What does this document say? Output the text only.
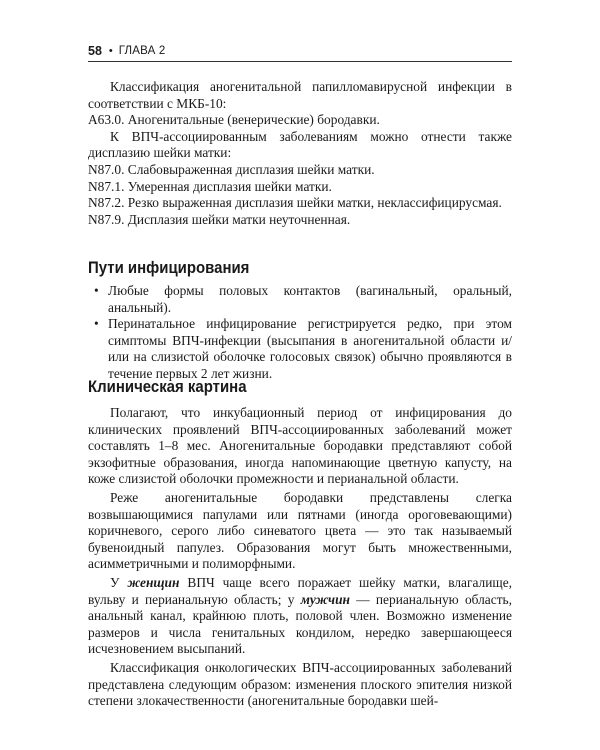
58 • ГЛАВА 2

Классификация аногенитальной папилломавирусной инфекции в соответствии с МКБ-10:

A63.0. Аногенитальные (венерические) бородавки.

К ВПЧ-ассоциированным заболеваниям можно отнести также дисплазию шейки матки:

N87.0. Слабовыраженная дисплазия шейки матки.

N87.1. Умеренная дисплазия шейки матки.

N87.2. Резко выраженная дисплазия шейки матки, неклассифицирусмая.

N87.9. Дисплазия шейки матки неуточненная.

Пути инфицирования
• Любые формы половых контактов (вагинальный, оральный, анальный).
• Перинатальное инфицирование регистрируется редко, при этом симптомы ВПЧ-инфекции (высыпания в аногенитальной области и/или на слизистой оболочке голосовых связок) обычно проявляются в течение первых 2 лет жизни.
Клиническая картина

Полагают, что инкубационный период от инфицирования до клинических проявлений ВПЧ-ассоциированных заболеваний может составлять 1–8 мес. Аногенитальные бородавки представляют собой экзофитные образования, иногда напоминающие цветную капусту, на коже слизистой оболочки промежности и перианальной области.

Реже аногенитальные бородавки представлены слегка возвышающимися папулами или пятнами (иногда ороговевающими) коричневого, серого либо синеватого цвета — это так называемый бувеноидный папулез. Образования могут быть множественными, асимметричными и полиморфными.

У женщин ВПЧ чаще всего поражает шейку матки, влагалище, вульву и перианальную область; у мужчин — перианальную область, анальный канал, крайнюю плоть, половой член. Возможно изменение размеров и числа генитальных кондилом, нередко завершающееся исчезновением высыпаний.

Классификация онкологических ВПЧ-ассоциированных заболеваний представлена следующим образом: изменения плоского эпителия низкой степени злокачественности (аногенитальные бородавки шей-
